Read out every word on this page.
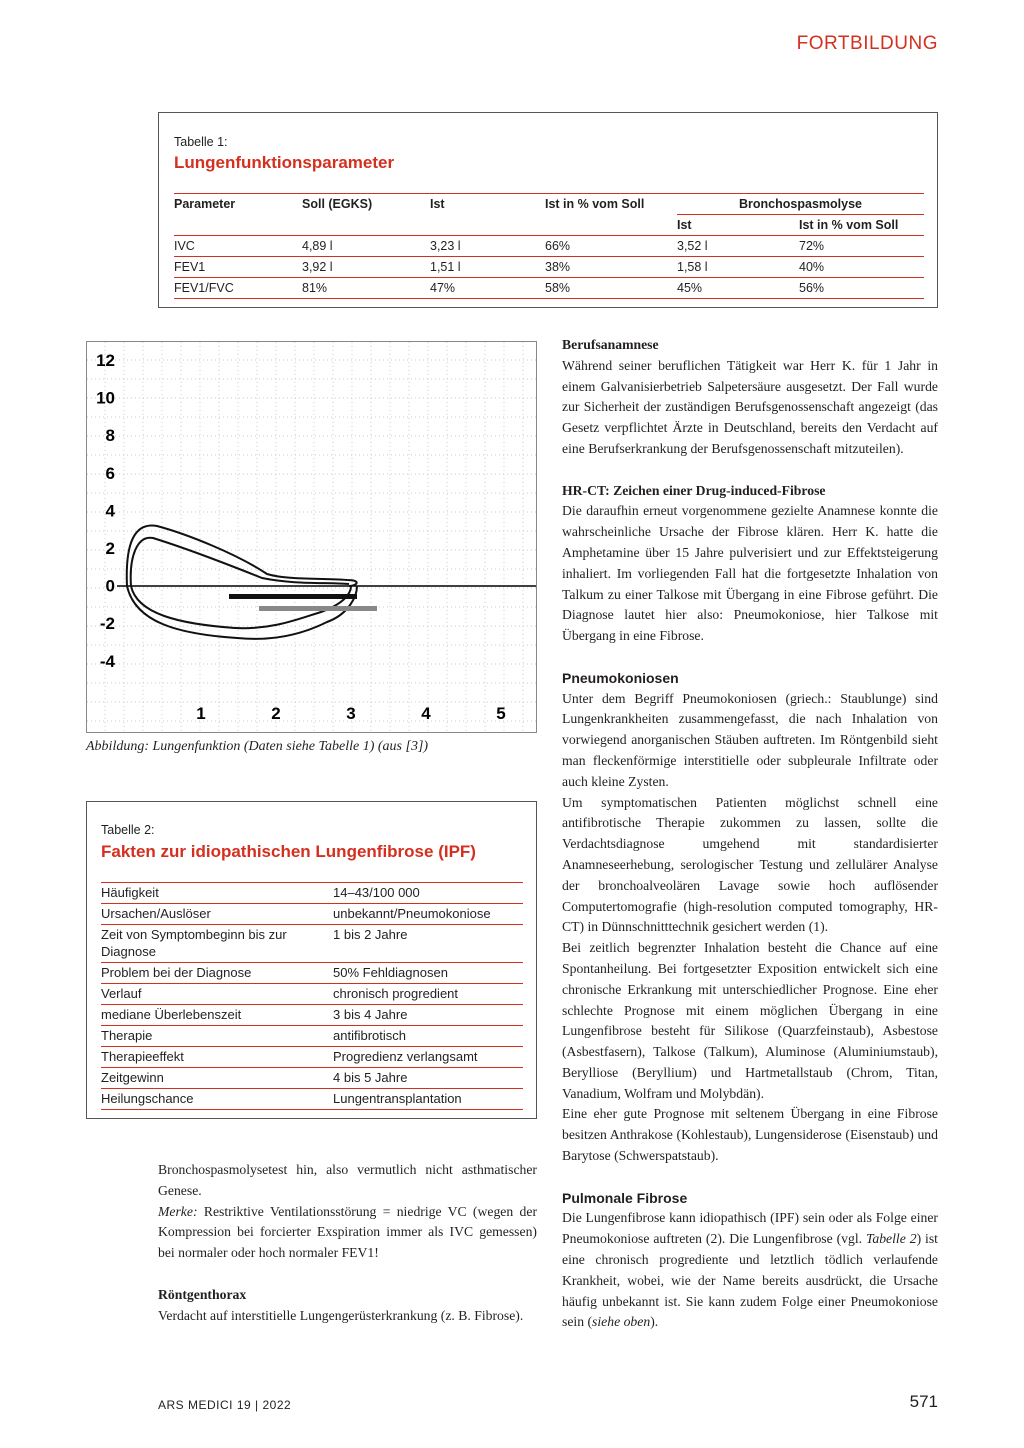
FORTBILDUNG
Tabelle 1:
Lungenfunktionsparameter
Parameter	Soll (EGKS)	Ist	Ist in % vom Soll	Bronchospasmolyse	
				Ist	Ist in % vom Soll
IVC	4,89 l	3,23 l	66%	3,52 l	72%
FEV1	3,92 l	1,51 l	38%	1,58 l	40%
FEV1/FVC	81%	47%	58%	45%	56%
12
10
8
6
4
2
0
-2
-4
1	2	3	4	5
Abbildung: Lungenfunktion (Daten siehe Tabelle 1) (aus [3])
Tabelle 2:
Fakten zur idiopathischen Lungenfibrose (IPF)
Häufigkeit	14–43/100 000
Ursachen/Auslöser	unbekannt/Pneumokoniose
Zeit von Symptombeginn bis zur Diagnose	1 bis 2 Jahre
Problem bei der Diagnose	50% Fehldiagnosen
Verlauf	chronisch progredient
mediane Überlebenszeit	3 bis 4 Jahre
Therapie	antifibrotisch
Therapieeffekt	Progredienz verlangsamt
Zeitgewinn	4 bis 5 Jahre
Heilungschance	Lungentransplantation

Bronchospasmolysetest hin, also vermutlich nicht asthmatischer Genese.

Merke: Restriktive Ventilationsstörung = niedrige VC (wegen der Kompression bei forcierter Exspiration immer als IVC gemessen) bei normaler oder hoch normaler FEV1!

Röntgenthorax

Verdacht auf interstitielle Lungengerüsterkrankung (z. B. Fibrose).

Berufsanamnese

Während seiner beruflichen Tätigkeit war Herr K. für 1 Jahr in einem Galvanisierbetrieb Salpetersäure ausgesetzt. Der Fall wurde zur Sicherheit der zuständigen Berufsgenossenschaft angezeigt (das Gesetz verpflichtet Ärzte in Deutschland, bereits den Verdacht auf eine Berufserkrankung der Berufsgenossenschaft mitzuteilen).

HR-CT: Zeichen einer Drug-induced-Fibrose

Die daraufhin erneut vorgenommene gezielte Anamnese konnte die wahrscheinliche Ursache der Fibrose klären. Herr K. hatte die Amphetamine über 15 Jahre pulverisiert und zur Effektsteigerung inhaliert. Im vorliegenden Fall hat die fortgesetzte Inhalation von Talkum zu einer Talkose mit Übergang in eine Fibrose geführt. Die Diagnose lautet hier also: Pneumokoniose, hier Talkose mit Übergang in eine Fibrose.

Pneumokoniosen

Unter dem Begriff Pneumokoniosen (griech.: Staublunge) sind Lungenkrankheiten zusammengefasst, die nach Inhalation von vorwiegend anorganischen Stäuben auftreten. Im Röntgenbild sieht man fleckenförmige interstitielle oder subpleurale Infiltrate oder auch kleine Zysten.

Um symptomatischen Patienten möglichst schnell eine antifibrotische Therapie zukommen zu lassen, sollte die Verdachtsdiagnose umgehend mit standardisierter Anamneseerhebung, serologischer Testung und zellulärer Analyse der bronchoalveolären Lavage sowie hoch auflösender Computertomografie (high-resolution computed tomography, HR-CT) in Dünnschnitttechnik gesichert werden (1).

Bei zeitlich begrenzter Inhalation besteht die Chance auf eine Spontanheilung. Bei fortgesetzter Exposition entwickelt sich eine chronische Erkrankung mit unterschiedlicher Prognose. Eine eher schlechte Prognose mit einem möglichen Übergang in eine Lungenfibrose besteht für Silikose (Quarzfeinstaub), Asbestose (Asbestfasern), Talkose (Talkum), Aluminose (Aluminiumstaub), Berylliose (Beryllium) und Hartmetallstaub (Chrom, Titan, Vanadium, Wolfram und Molybdän).

Eine eher gute Prognose mit seltenem Übergang in eine Fibrose besitzen Anthrakose (Kohlestaub), Lungensiderose (Eisenstaub) und Barytose (Schwerspatstaub).

Pulmonale Fibrose

Die Lungenfibrose kann idiopathisch (IPF) sein oder als Folge einer Pneumokoniose auftreten (2). Die Lungenfibrose (vgl. Tabelle 2) ist eine chronisch progrediente und letztlich tödlich verlaufende Krankheit, wobei, wie der Name bereits ausdrückt, die Ursache häufig unbekannt ist. Sie kann zudem Folge einer Pneumokoniose sein (siehe oben).

ARS MEDICI 19 | 2022	571
